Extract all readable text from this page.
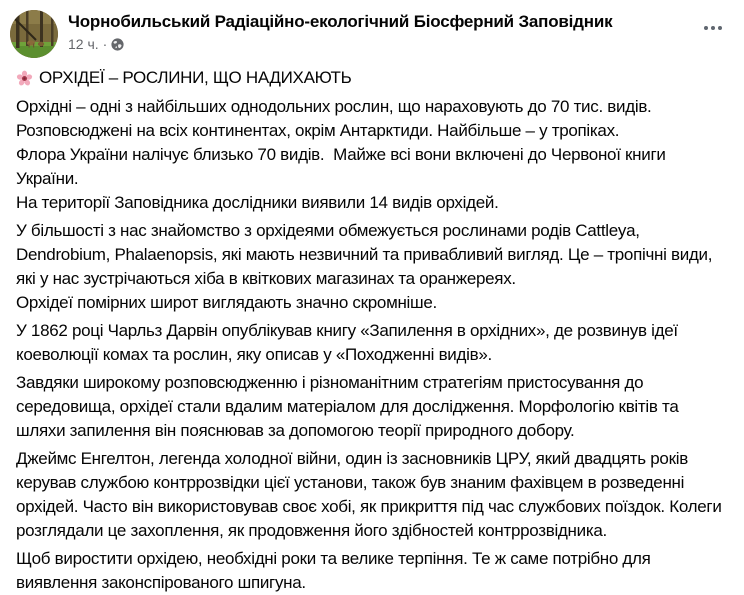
Чорнобильський Радіаційно-екологічний Біосферний Заповідник
12 ч. ·
ОРХІДЕЇ – РОСЛИНИ, ЩО НАДИХАЮТЬ
Орхідні – одні з найбільших однодольних рослин, що нараховують до 70 тис. видів.
Розповсюджені на всіх континентах, окрім Антарктиди. Найбільше – у тропіках.
Флора України налічує близько 70 видів.  Майже всі вони включені до Червоної книги України.
На території Заповідника дослідники виявили 14 видів орхідей.
У більшості з нас знайомство з орхідеями обмежується рослинами родів Cattleya, Dendrobium, Phalaenopsis, які мають незвичний та привабливий вигляд. Це – тропічні види, які у нас зустрічаються хіба в квіткових магазинах та оранжереях.
Орхідеї помірних широт виглядають значно скромніше.
У 1862 році Чарльз Дарвін опублікував книгу «Запилення в орхідних», де розвинув ідеї коеволюції комах та рослин, яку описав у «Походженні видів».
Завдяки широкому розповсюдженню і різноманітним стратегіям пристосування до середовища, орхідеї стали вдалим матеріалом для дослідження. Морфологію квітів та шляхи запилення він пояснював за допомогою теорії природного добору.
Джеймс Енгелтон, легенда холодної війни, один із засновників ЦРУ, який двадцять років керував службою контррозвідки цієї установи, також був знаним фахівцем в розведенні орхідей. Часто він використовував своє хобі, як прикриття під час службових поїздок. Колеги розглядали це захоплення, як продовження його здібностей контррозвідника.
Щоб виростити орхідею, необхідні роки та велике терпіння. Те ж саме потрібно для виявлення законспірованого шпигуна.
